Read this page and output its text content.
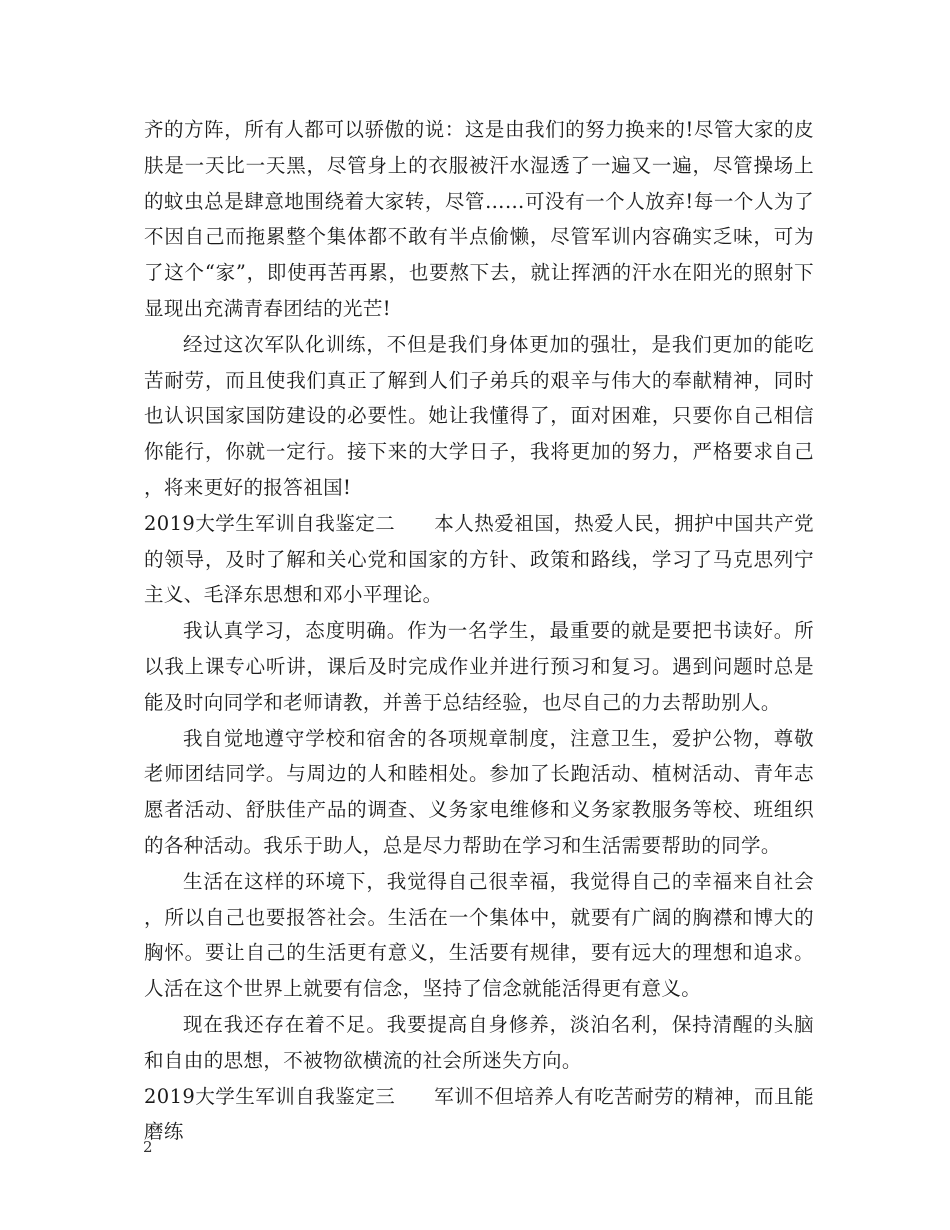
齐的方阵，所有人都可以骄傲的说：这是由我们的努力换来的!尽管大家的皮肤是一天比一天黑，尽管身上的衣服被汗水湿透了一遍又一遍，尽管操场上的蚊虫总是肆意地围绕着大家转，尽管……可没有一个人放弃!每一个人为了不因自己而拖累整个集体都不敢有半点偷懒，尽管军训内容确实乏味，可为了这个“家”，即使再苦再累，也要熬下去，就让挥洒的汗水在阳光的照射下显现出充满青春团结的光芒!

经过这次军队化训练，不但是我们身体更加的强壮，是我们更加的能吃苦耐劳，而且使我们真正了解到人们子弟兵的艰辛与伟大的奉献精神，同时也认识国家国防建设的必要性。她让我懂得了，面对困难，只要你自己相信你能行，你就一定行。接下来的大学日子，我将更加的努力，严格要求自己，将来更好的报答祖国!

2019大学生军训自我鉴定二 本人热爱祖国，热爱人民，拥护中国共产党的领导，及时了解和关心党和国家的方针、政策和路线，学习了马克思列宁主义、毛泽东思想和邓小平理论。

我认真学习，态度明确。作为一名学生，最重要的就是要把书读好。所以我上课专心听讲，课后及时完成作业并进行预习和复习。遇到问题时总是能及时向同学和老师请教，并善于总结经验，也尽自己的力去帮助别人。

我自觉地遵守学校和宿舍的各项规章制度，注意卫生，爱护公物，尊敬老师团结同学。与周边的人和睦相处。参加了长跑活动、植树活动、青年志愿者活动、舒肤佳产品的调查、义务家电维修和义务家教服务等校、班组织的各种活动。我乐于助人，总是尽力帮助在学习和生活需要帮助的同学。

生活在这样的环境下，我觉得自己很幸福，我觉得自己的幸福来自社会，所以自己也要报答社会。生活在一个集体中，就要有广阔的胸襟和博大的胸怀。要让自己的生活更有意义，生活要有规律，要有远大的理想和追求。人活在这个世界上就要有信念，坚持了信念就能活得更有意义。

现在我还存在着不足。我要提高自身修养，淡泊名利，保持清醒的头脑和自由的思想，不被物欲横流的社会所迷失方向。

2019大学生军训自我鉴定三 军训不但培养人有吃苦耐劳的精神，而且能磨练

2
